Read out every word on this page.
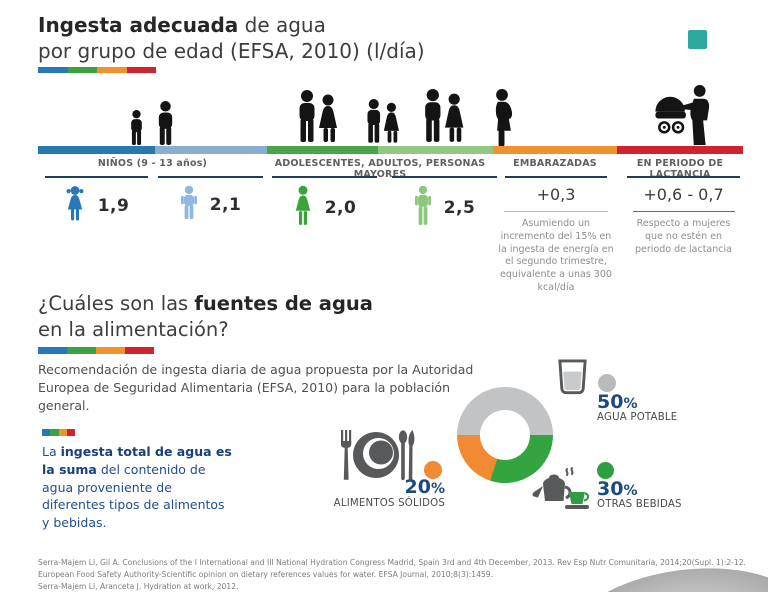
Ingesta adecuada de agua
por grupo de edad (EFSA, 2010) (l/día)
NIÑOS (9 - 13 años)	ADOLESCENTES, ADULTOS, PERSONAS MAYORES
EMBARAZADAS	EN PERIODO DE LACTANCIA
1,9	2,1	2,0	2,5
+0,3
Asumiendo un incremento del 15% en la ingesta de energía en el segundo trimestre, equivalente a unas 300 kcal/día
+0,6 - 0,7
Respecto a mujeres que no estén en periodo de lactancia
¿Cuáles son las fuentes de agua
en la alimentación?
Recomendación de ingesta diaria de agua propuesta por la Autoridad Europea de Seguridad Alimentaria (EFSA, 2010) para la población general.
La ingesta total de agua es la suma del contenido de agua proveniente de diferentes tipos de alimentos y bebidas.
20%
ALIMENTOS SÓLIDOS
50%
AGUA POTABLE
30%
OTRAS BEBIDAS
Serra-Majem Ll, Gil A. Conclusions of the I International and III National Hydration Congress Madrid, Spain 3rd and 4th December, 2013. Rev Esp Nutr Comunitaria, 2014;20(Supl. 1):2-12.
European Food Safety Authority-Scientific opinion on dietary references values for water. EFSA Journal, 2010;8(3):1459.
Serra-Majem Ll, Aranceta J. Hydration at work, 2012.
